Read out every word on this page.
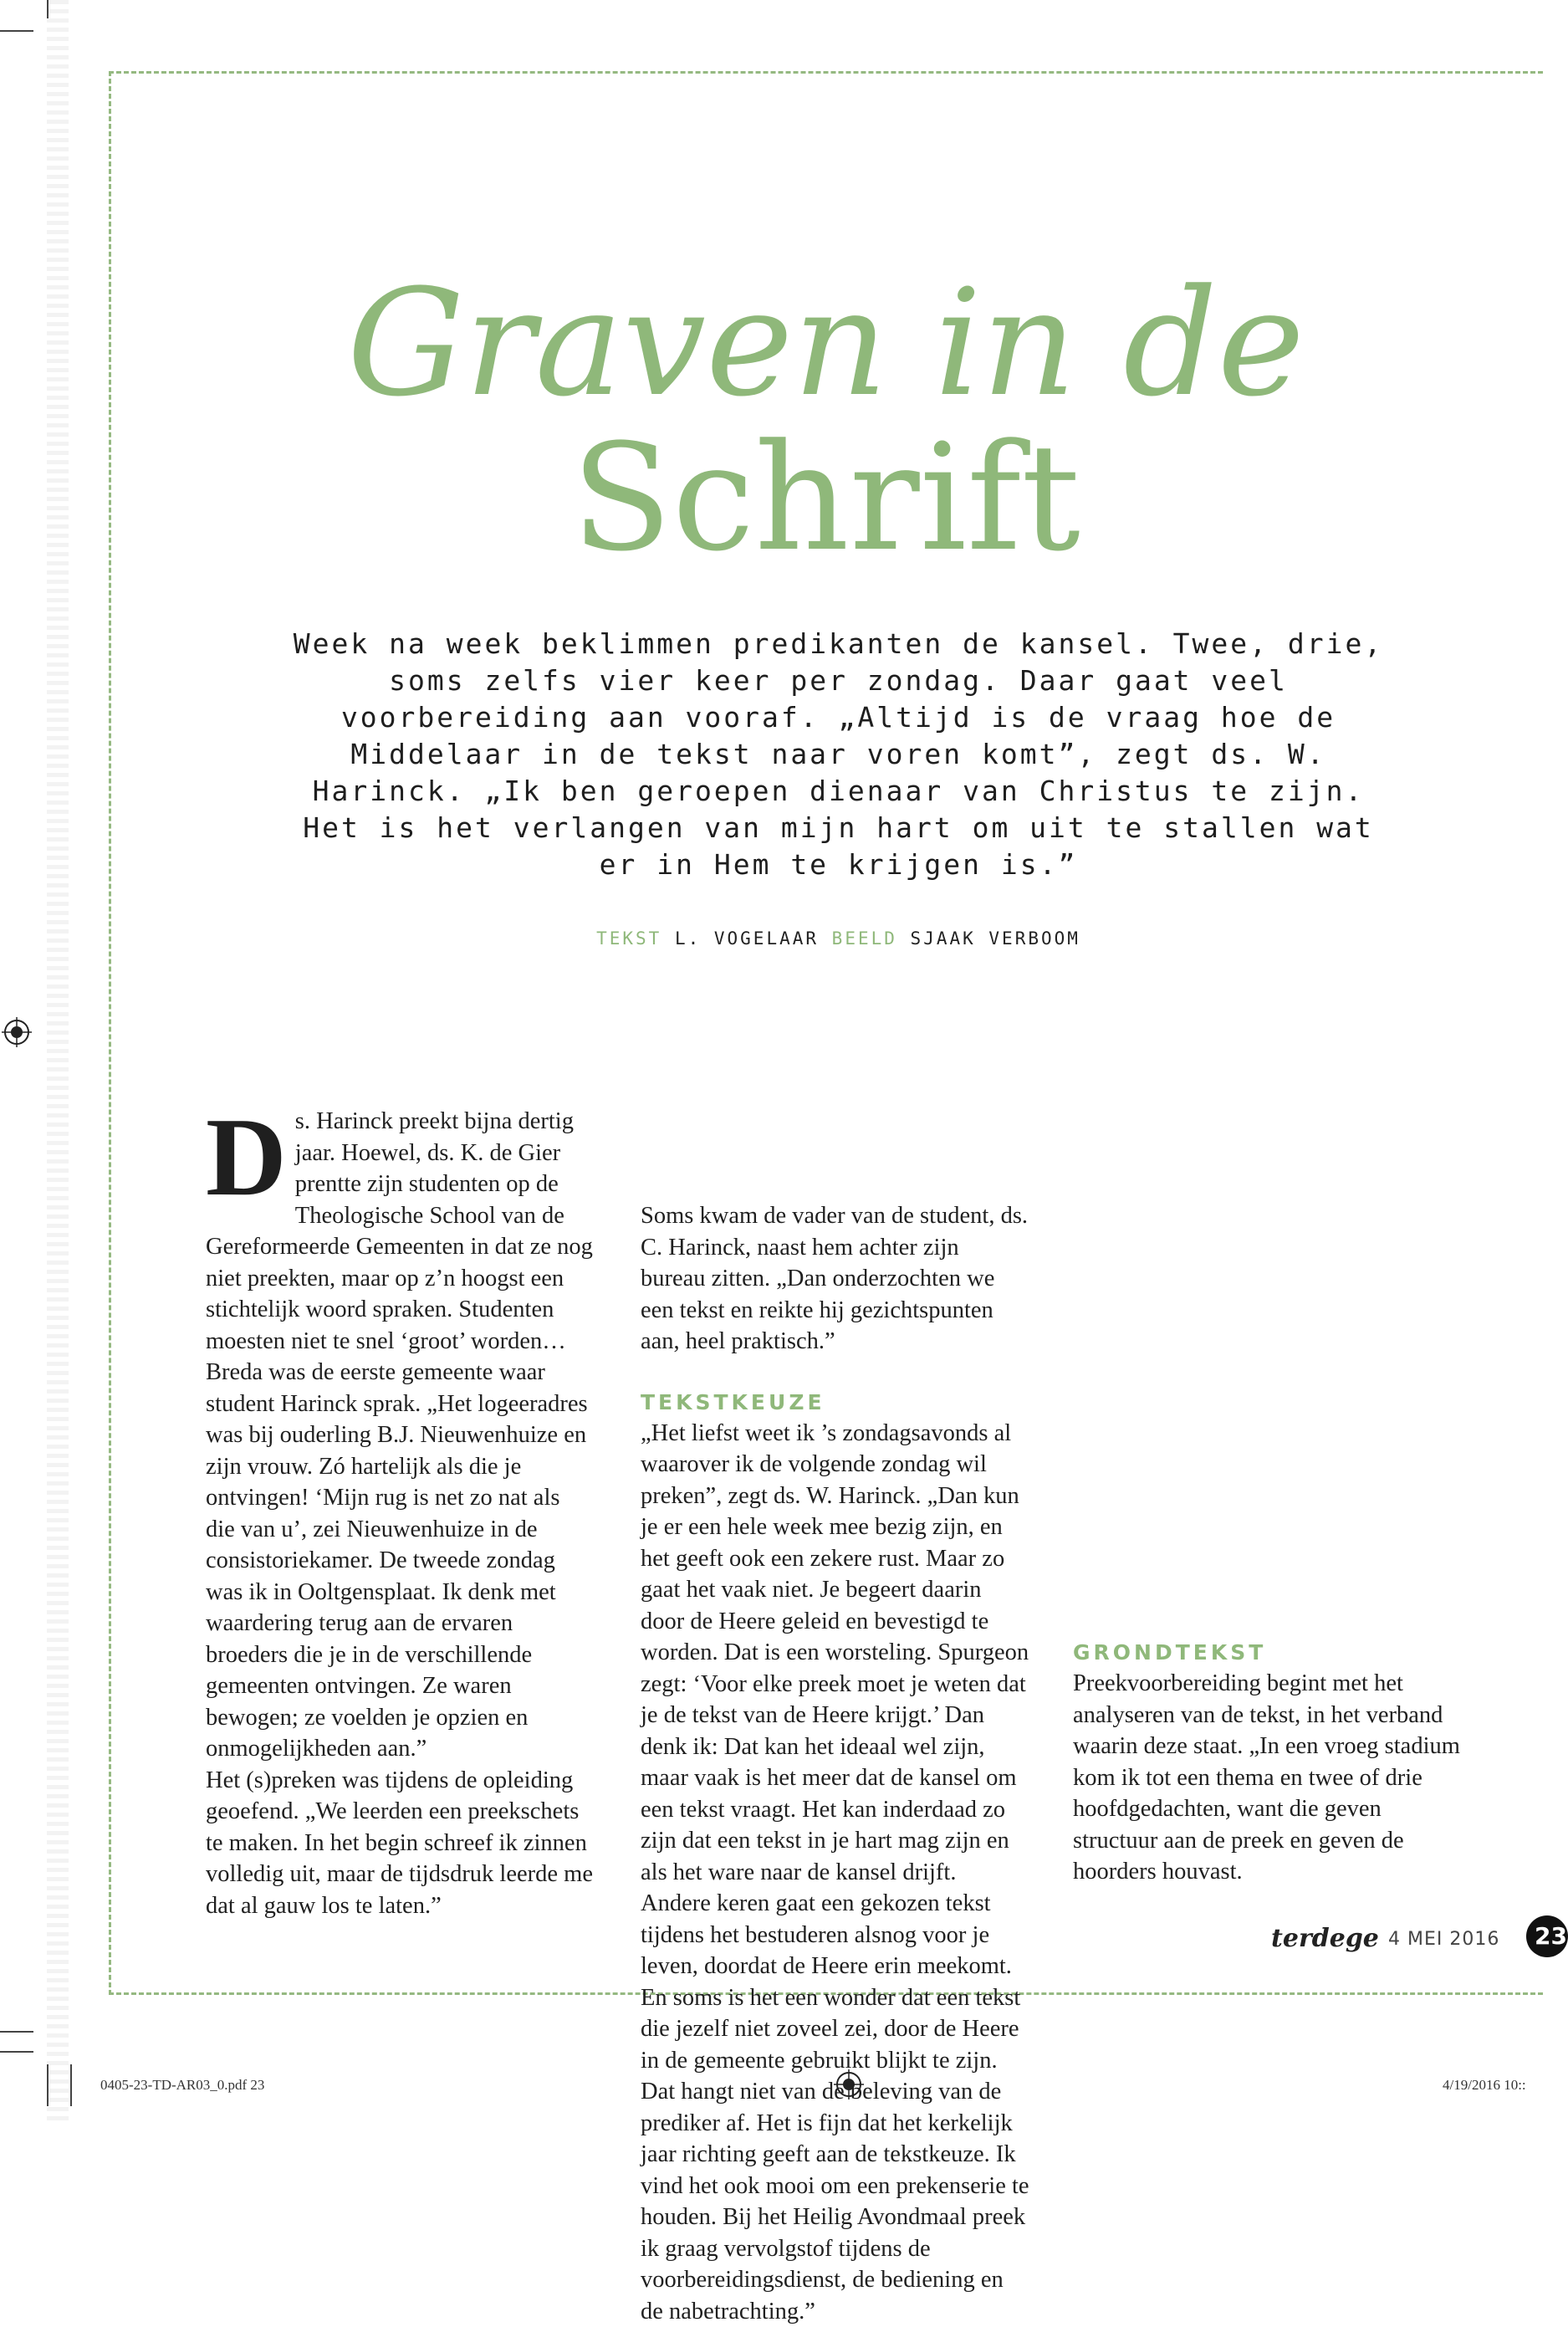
Graven in de
Schrift

Week na week beklimmen predikanten de kansel. Twee, drie, soms zelfs vier keer per zondag. Daar gaat veel voorbereiding aan vooraf. „Altijd is de vraag hoe de Middelaar in de tekst naar voren komt”, zegt ds. W. Harinck. „Ik ben geroepen dienaar van Christus te zijn. Het is het verlangen van mijn hart om uit te stallen wat er in Hem te krijgen is.”

TEKST L. VOGELAAR BEELD SJAAK VERBOOM

Ds. Harinck preekt bijna dertig jaar. Hoewel, ds. K. de Gier prentte zijn studenten op de Theologische School van de Gereformeerde Gemeenten in dat ze nog niet preekten, maar op z’n hoogst een stichtelijk woord spraken. Studenten moesten niet te snel ‘groot’ worden…

Breda was de eerste gemeente waar student Harinck sprak. „Het logeeradres was bij ouderling B.J. Nieuwenhuize en zijn vrouw. Zó hartelijk als die je ontvingen! ‘Mijn rug is net zo nat als die van u’, zei Nieuwenhuize in de consistoriekamer. De tweede zondag was ik in Ooltgensplaat. Ik denk met waardering terug aan de ervaren broeders die je in de verschillende gemeenten ontvingen. Ze waren bewogen; ze voelden je opzien en onmogelijkheden aan.”

Het (s)preken was tijdens de opleiding geoefend. „We leerden een preekschets te maken. In het begin schreef ik zinnen volledig uit, maar de tijdsdruk leerde me dat al gauw los te laten.”

Soms kwam de vader van de student, ds. C. Harinck, naast hem achter zijn bureau zitten. „Dan onderzochten we een tekst en reikte hij gezichtspunten aan, heel praktisch.”

TEKSTKEUZE

„Het liefst weet ik ’s zondagsavonds al waarover ik de volgende zondag wil preken”, zegt ds. W. Harinck. „Dan kun je er een hele week mee bezig zijn, en het geeft ook een zekere rust. Maar zo gaat het vaak niet. Je begeert daarin door de Heere geleid en bevestigd te worden. Dat is een worsteling. Spurgeon zegt: ‘Voor elke preek moet je weten dat je de tekst van de Heere krijgt.’ Dan denk ik: Dat kan het ideaal wel zijn, maar vaak is het meer dat de kansel om een tekst vraagt. Het kan inderdaad zo zijn dat een tekst in je hart mag zijn en als het ware naar de kansel drijft. Andere keren gaat een gekozen tekst tijdens het bestuderen alsnog voor je leven, doordat de Heere erin meekomt. En soms is het een wonder dat een tekst die jezelf niet zoveel zei, door de Heere in de gemeente gebruikt blijkt te zijn. Dat hangt niet van de beleving van de prediker af. Het is fijn dat het kerkelijk jaar richting geeft aan de tekstkeuze. Ik vind het ook mooi om een prekenserie te houden. Bij het Heilig Avondmaal preek ik graag vervolgstof tijdens de voorbereidingsdienst, de bediening en de nabetrachting.”

GRONDTEKST

Preekvoorbereiding begint met het analyseren van de tekst, in het verband waarin deze staat. „In een vroeg stadium kom ik tot een thema en twee of drie hoofdgedachten, want die geven structuur aan de preek en geven de hoorders houvast.

terdege 4 MEI 2016	23
0405-23-TD-AR03_0.pdf 23	4/19/2016 10::
